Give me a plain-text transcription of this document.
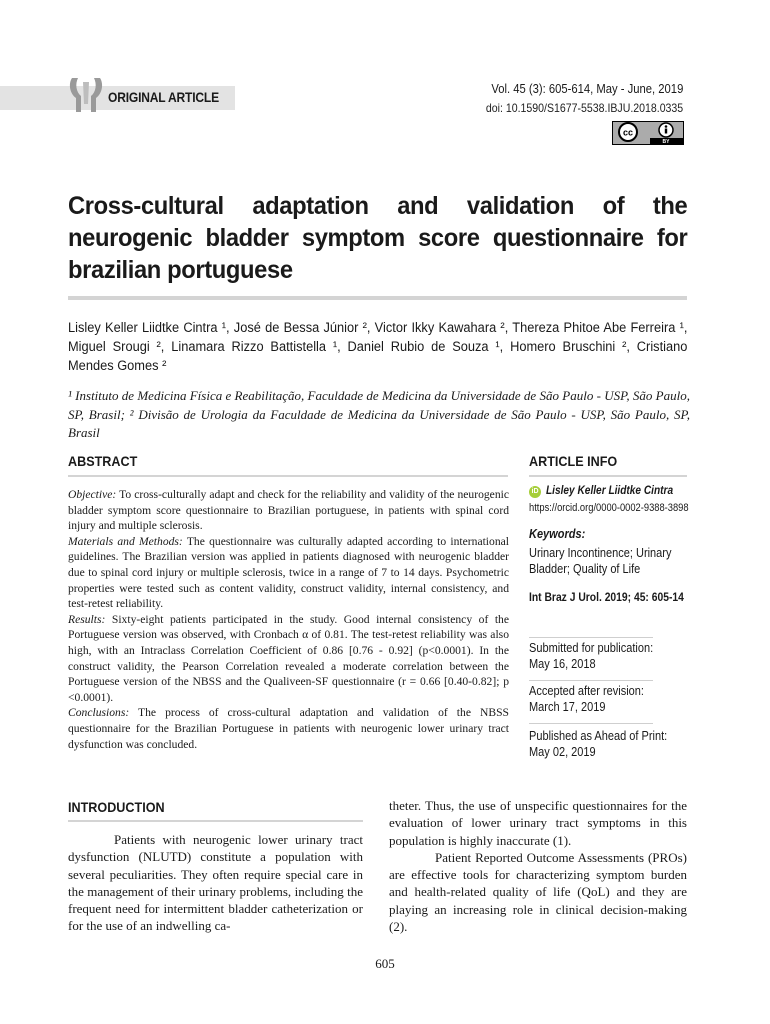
ORIGINAL ARTICLE	Vol. 45 (3): 605-614, May - June, 2019
doi: 10.1590/S1677-5538.IBJU.2018.0335
cc
BY
Cross-cultural adaptation and validation of the neurogenic bladder symptom score questionnaire for brazilian portuguese
Lisley Keller Liidtke Cintra ¹, José de Bessa Júnior ², Victor Ikky Kawahara ², Thereza Phitoe Abe Ferreira ¹, Miguel Srougi ², Linamara Rizzo Battistella ¹, Daniel Rubio de Souza ¹, Homero Bruschini ², Cristiano Mendes Gomes ²
¹ Instituto de Medicina Física e Reabilitação, Faculdade de Medicina da Universidade de São Paulo - USP, São Paulo, SP, Brasil; ² Divisão de Urologia da Faculdade de Medicina da Universidade de São Paulo - USP, São Paulo, SP, Brasil
ABSTRACT

Objective: To cross-culturally adapt and check for the reliability and validity of the neurogenic bladder symptom score questionnaire to Brazilian portuguese, in patients with spinal cord injury and multiple sclerosis.

Materials and Methods: The questionnaire was culturally adapted according to international guidelines. The Brazilian version was applied in patients diagnosed with neurogenic bladder due to spinal cord injury or multiple sclerosis, twice in a range of 7 to 14 days. Psychometric properties were tested such as content validity, construct validity, internal consistency, and test-retest reliability.

Results: Sixty-eight patients participated in the study. Good internal consistency of the Portuguese version was observed, with Cronbach α of 0.81. The test-retest reliability was also high, with an Intraclass Correlation Coefficient of 0.86 [0.76 - 0.92] (p<0.0001). In the construct validity, the Pearson Correlation revealed a moderate correlation between the Portuguese version of the NBSS and the Qualiveen-SF questionnaire (r = 0.66 [0.40-0.82]; p <0.0001).

Conclusions: The process of cross-cultural adaptation and validation of the NBSS questionnaire for the Brazilian Portuguese in patients with neurogenic lower urinary tract dysfunction was concluded.

ARTICLE INFO
iD Lisley Keller Liidtke Cintra
https://orcid.org/0000-0002-9388-3898
Keywords:
Urinary Incontinence; Urinary Bladder; Quality of Life
Int Braz J Urol. 2019; 45: 605-14
Submitted for publication:
May 16, 2018
Accepted after revision:
March 17, 2019
Published as Ahead of Print:
May 02, 2019
INTRODUCTION

Patients with neurogenic lower urinary tract dysfunction (NLUTD) constitute a population with several peculiarities. They often require special care in the management of their urinary problems, including the frequent need for intermittent bladder catheterization or for the use of an indwelling ca-

theter. Thus, the use of unspecific questionnaires for the evaluation of lower urinary tract symptoms in this population is highly inaccurate (1).

Patient Reported Outcome Assessments (PROs) are effective tools for characterizing symptom burden and health-related quality of life (QoL) and they are playing an increasing role in clinical decision-making (2).

605
